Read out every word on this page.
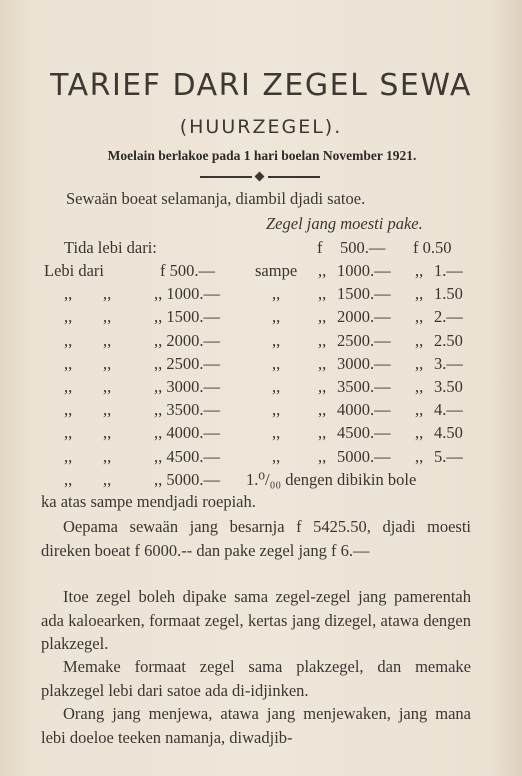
TARIEF DARI ZEGEL SEWA
(HUURZEGEL).
Moelain berlakoe pada 1 hari boelan November 1921.
Sewaän boeat selamanja, diambil djadi satoe.
Zegel jang moesti pake.
Tida lebi dari:	f 500.— f 0.50
Lebi dari	f 500.— sampe ,, 1000.— ,, 1.—
,, ,,	,, 1000.—	,, ,, 1500.— ,, 1.50
,, ,,	,, 1500.—	,, ,, 2000.— ,, 2.—
,, ,,	,, 2000.—	,, ,, 2500.— ,, 2.50
,, ,,	,, 2500.—	,, ,, 3000.— ,, 3.—
,, ,,	,, 3000.—	,, ,, 3500.— ,, 3.50
,, ,,	,, 3500.—	,, ,, 4000.— ,, 4.—
,, ,,	,, 4000.—	,, ,, 4500.— ,, 4.50
,, ,,	,, 4500.—	,, ,, 5000.— ,, 5.—
,, ,,	,, 5000.— 1.⁰/₀₀ dengen dibikin bole
ka atas sampe mendjadi roepiah.
Oepama sewaän jang besarnja f 5425.50, djadi moesti direken boeat f 6000.-- dan pake zegel jang f 6.—
Itoe zegel boleh dipake sama zegel-zegel jang pamerentah ada kaloearken, formaat zegel, kertas jang dizegel, atawa dengen plakzegel.
Memake formaat zegel sama plakzegel, dan memake plakzegel lebi dari satoe ada di-idjinken.
Orang jang menjewa, atawa jang menjewaken, jang mana lebi doeloe teeken namanja, diwadjib-
